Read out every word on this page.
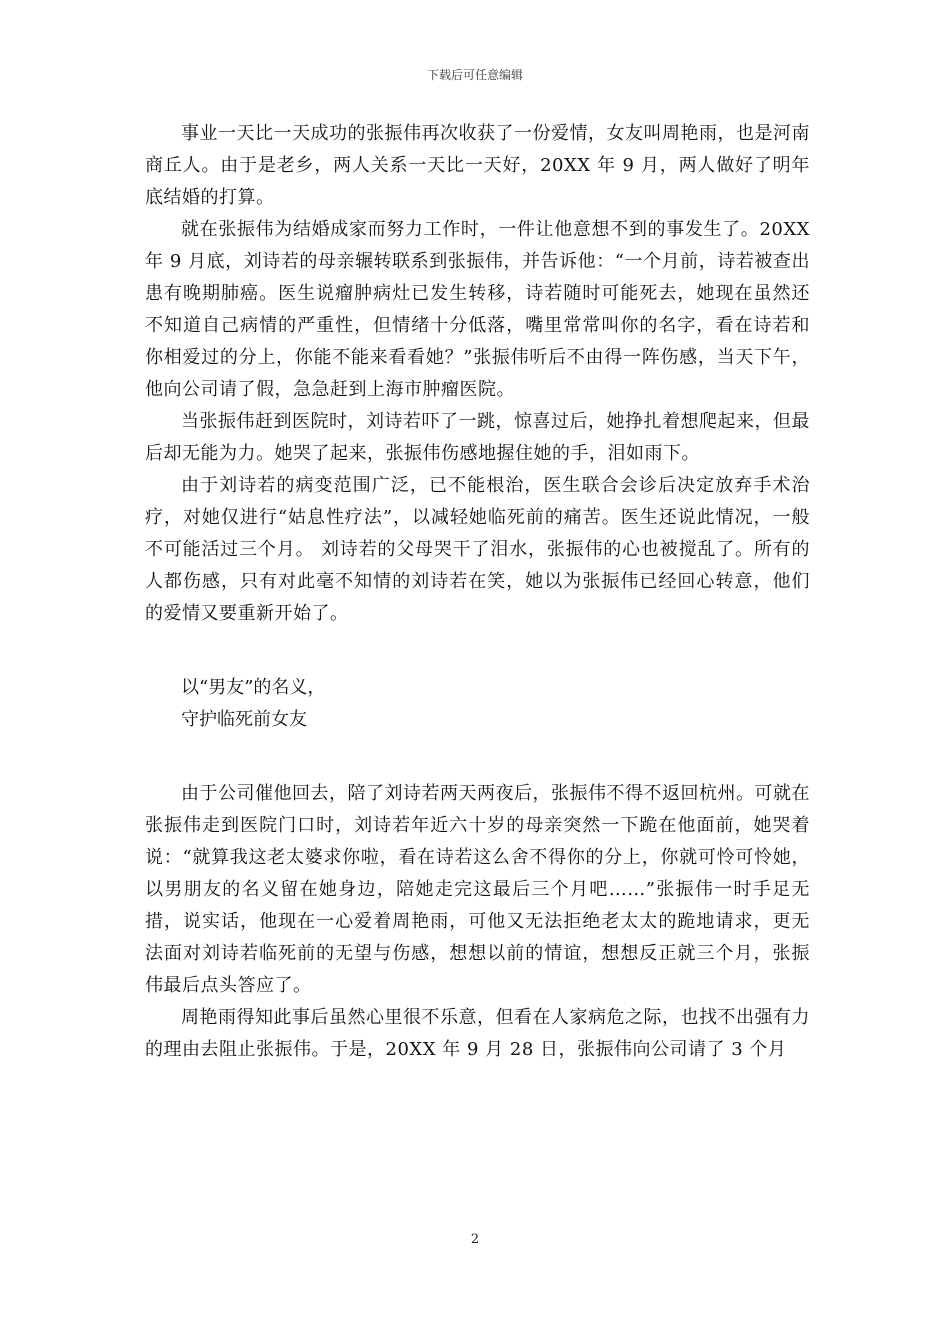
下载后可任意编辑

事业一天比一天成功的张振伟再次收获了一份爱情，女友叫周艳雨，也是河南商丘人。由于是老乡，两人关系一天比一天好，20XX 年 9 月，两人做好了明年底结婚的打算。

就在张振伟为结婚成家而努力工作时，一件让他意想不到的事发生了。20XX 年 9 月底，刘诗若的母亲辗转联系到张振伟，并告诉他：“一个月前，诗若被查出患有晚期肺癌。医生说瘤肿病灶已发生转移，诗若随时可能死去，她现在虽然还不知道自己病情的严重性，但情绪十分低落，嘴里常常叫你的名字，看在诗若和你相爱过的分上，你能不能来看看她？”张振伟听后不由得一阵伤感，当天下午，他向公司请了假，急急赶到上海市肿瘤医院。

当张振伟赶到医院时，刘诗若吓了一跳，惊喜过后，她挣扎着想爬起来，但最后却无能为力。她哭了起来，张振伟伤感地握住她的手，泪如雨下。

由于刘诗若的病变范围广泛，已不能根治，医生联合会诊后决定放弃手术治疗，对她仅进行“姑息性疗法”，以减轻她临死前的痛苦。医生还说此情况，一般不可能活过三个月。 刘诗若的父母哭干了泪水，张振伟的心也被搅乱了。所有的人都伤感，只有对此毫不知情的刘诗若在笑，她以为张振伟已经回心转意，他们的爱情又要重新开始了。

以“男友”的名义，

守护临死前女友

由于公司催他回去，陪了刘诗若两天两夜后，张振伟不得不返回杭州。可就在张振伟走到医院门口时，刘诗若年近六十岁的母亲突然一下跪在他面前，她哭着说：“就算我这老太婆求你啦，看在诗若这么舍不得你的分上，你就可怜可怜她，以男朋友的名义留在她身边，陪她走完这最后三个月吧……”张振伟一时手足无措，说实话，他现在一心爱着周艳雨，可他又无法拒绝老太太的跪地请求，更无法面对刘诗若临死前的无望与伤感，想想以前的情谊，想想反正就三个月，张振伟最后点头答应了。

周艳雨得知此事后虽然心里很不乐意，但看在人家病危之际，也找不出强有力的理由去阻止张振伟。于是，20XX 年 9 月 28 日，张振伟向公司请了 3 个月

2
